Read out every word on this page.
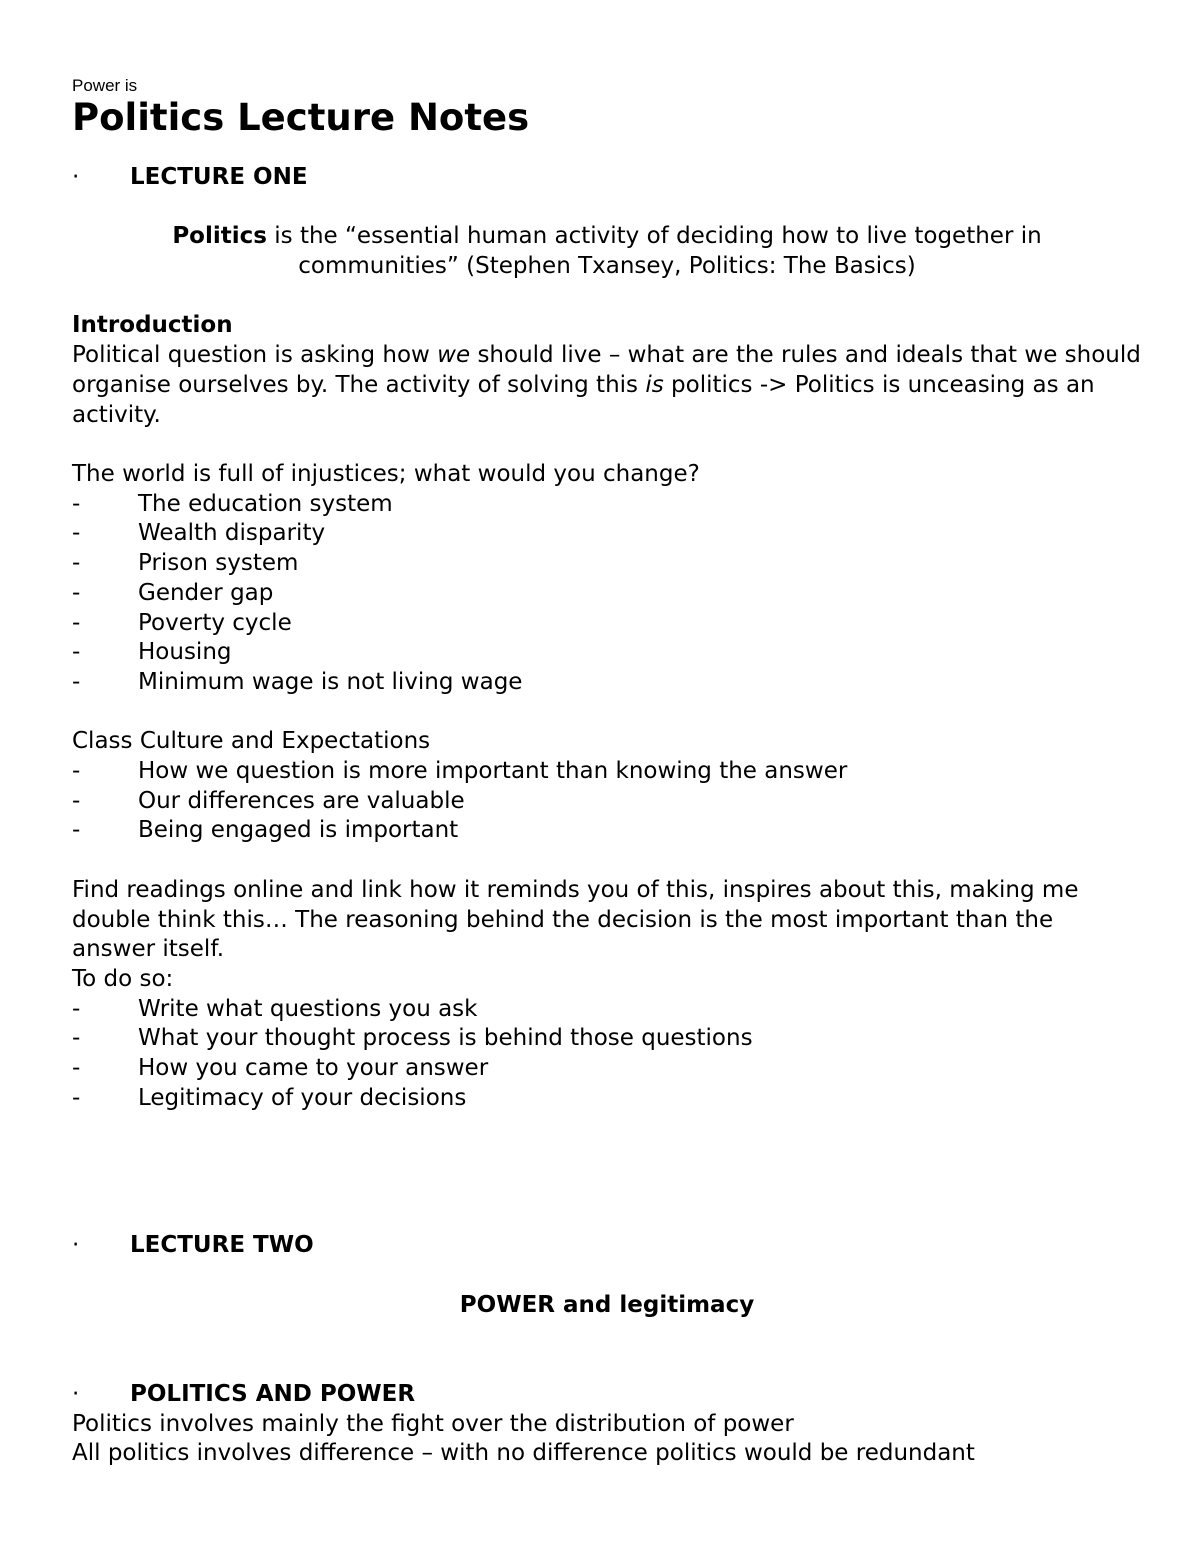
Power is

Politics Lecture Notes
·	LECTURE ONE
Politics is the “essential human activity of deciding how to live together in
communities” (Stephen Txansey, Politics: The Basics)

Introduction

Political question is asking how we should live – what are the rules and ideals that we should organise ourselves by. The activity of solving this is politics -> Politics is unceasing as an activity.

The world is full of injustices; what would you change?

-	The education system
-	Wealth disparity
-	Prison system
-	Gender gap
-	Poverty cycle
-	Housing
-	Minimum wage is not living wage

Class Culture and Expectations

-	How we question is more important than knowing the answer
-	Our differences are valuable
-	Being engaged is important

Find readings online and link how it reminds you of this, inspires about this, making me double think this… The reasoning behind the decision is the most important than the answer itself.

To do so:

-	Write what questions you ask
-	What your thought process is behind those questions
-	How you came to your answer
-	Legitimacy of your decisions
·	LECTURE TWO

POWER and legitimacy

·	POLITICS AND POWER

Politics involves mainly the fight over the distribution of power

All politics involves difference – with no difference politics would be redundant
